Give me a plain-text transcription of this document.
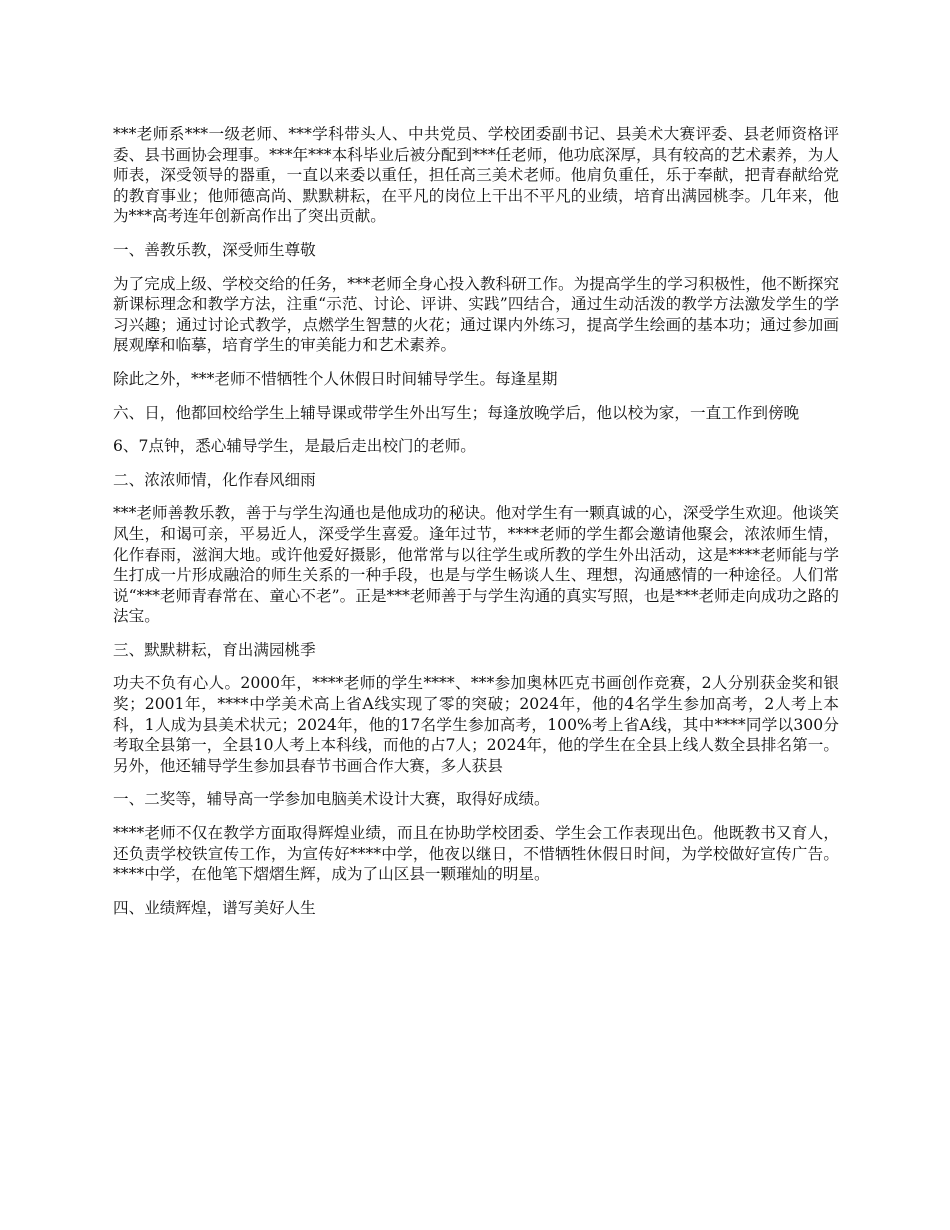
***老师系***一级老师、***学科带头人、中共党员、学校团委副书记、县美术大赛评委、县老师资格评委、县书画协会理事。***年***本科毕业后被分配到***任老师，他功底深厚，具有较高的艺术素养，为人师表，深受领导的器重，一直以来委以重任，担任高三美术老师。他肩负重任，乐于奉献，把青春献给党的教育事业；他师德高尚、默默耕耘，在平凡的岗位上干出不平凡的业绩，培育出满园桃李。几年来，他为***高考连年创新高作出了突出贡献。

一、善教乐教，深受师生尊敬

为了完成上级、学校交给的任务，***老师全身心投入教科研工作。为提高学生的学习积极性，他不断探究新课标理念和教学方法，注重“示范、讨论、评讲、实践”四结合，通过生动活泼的教学方法激发学生的学习兴趣；通过讨论式教学，点燃学生智慧的火花；通过课内外练习，提高学生绘画的基本功；通过参加画展观摩和临摹，培育学生的审美能力和艺术素养。

除此之外，***老师不惜牺牲个人休假日时间辅导学生。每逢星期

六、日，他都回校给学生上辅导课或带学生外出写生；每逢放晚学后，他以校为家，一直工作到傍晚

6、7点钟，悉心辅导学生，是最后走出校门的老师。

二、浓浓师情，化作春风细雨

***老师善教乐教，善于与学生沟通也是他成功的秘诀。他对学生有一颗真诚的心，深受学生欢迎。他谈笑风生，和谒可亲，平易近人，深受学生喜爱。逢年过节，****老师的学生都会邀请他聚会，浓浓师生情，化作春雨，滋润大地。或许他爱好摄影，他常常与以往学生或所教的学生外出活动，这是****老师能与学生打成一片形成融洽的师生关系的一种手段，也是与学生畅谈人生、理想，沟通感情的一种途径。人们常说“***老师青春常在、童心不老”。正是***老师善于与学生沟通的真实写照，也是***老师走向成功之路的法宝。

三、默默耕耘，育出满园桃季

功夫不负有心人。2000年，****老师的学生****、***参加奥林匹克书画创作竞赛，2人分别获金奖和银奖；2001年，****中学美术高上省A线实现了零的突破；2024年，他的4名学生参加高考，2人考上本科，1人成为县美术状元；2024年，他的17名学生参加高考，100%考上省A线，其中****同学以300分考取全县第一，全县10人考上本科线，而他的占7人；2024年，他的学生在全县上线人数全县排名第一。另外，他还辅导学生参加县春节书画合作大赛，多人获县

一、二奖等，辅导高一学参加电脑美术设计大赛，取得好成绩。

****老师不仅在教学方面取得辉煌业绩，而且在协助学校团委、学生会工作表现出色。他既教书又育人，还负责学校铁宣传工作，为宣传好****中学，他夜以继日，不惜牺牲休假日时间，为学校做好宣传广告。****中学，在他笔下熠熠生辉，成为了山区县一颗璀灿的明星。

四、业绩辉煌，谱写美好人生
